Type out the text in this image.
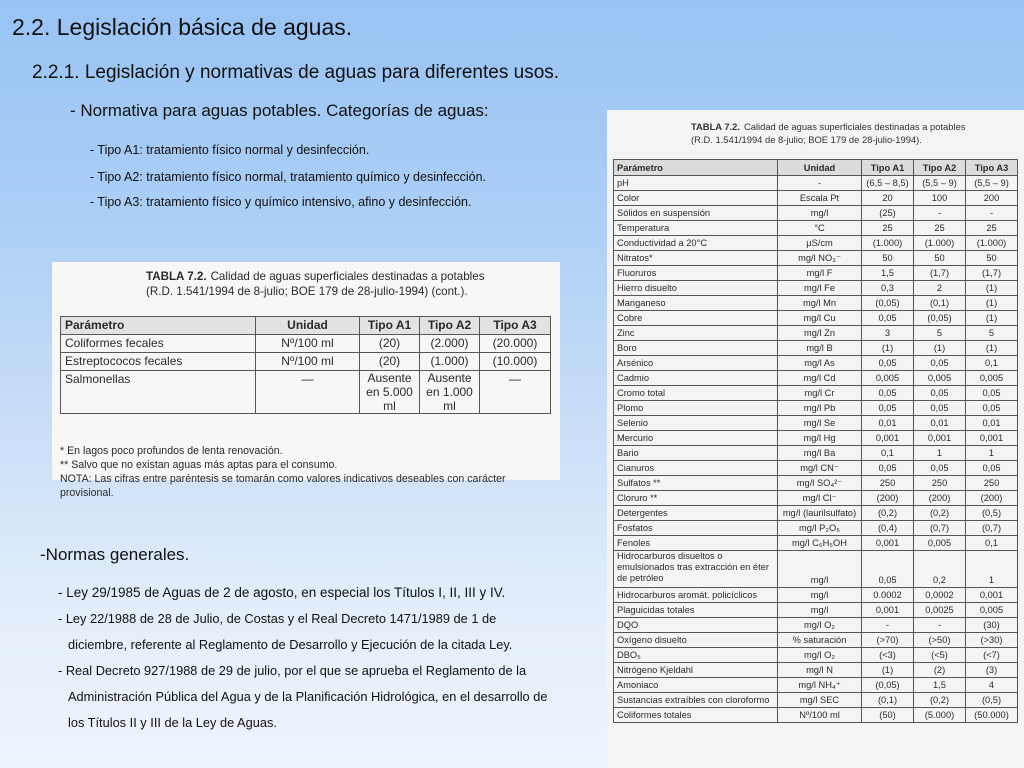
2.2. Legislación básica de aguas.
2.2.1. Legislación y normativas de aguas para diferentes usos.
- Normativa para aguas potables. Categorías de aguas:
- Tipo A1: tratamiento físico normal y desinfección.
- Tipo A2: tratamiento físico normal, tratamiento químico y desinfección.
- Tipo A3: tratamiento físico y químico intensivo, afino y desinfección.
-Normas generales.
- Ley 29/1985 de Aguas de 2 de agosto, en especial los Títulos I, II, III y IV.
- Ley 22/1988 de 28 de Julio, de Costas y el Real Decreto 1471/1989 de 1 de
diciembre, referente al Reglamento de Desarrollo y Ejecución de la citada Ley.
- Real Decreto 927/1988 de 29 de julio, por el que se aprueba el Reglamento de la
Administración Pública del Agua y de la Planificación Hidrológica, en el desarrollo de
los Títulos II y III de la Ley de Aguas.
TABLA 7.2. Calidad de aguas superficiales destinadas a potables
(R.D. 1.541/1994 de 8-julio; BOE 179 de 28-julio-1994) (cont.).
Parámetro	Unidad	Tipo A1	Tipo A2	Tipo A3
Coliformes fecales	Nº/100 ml	(20)	(2.000)	(20.000)
Estreptococos fecales	Nº/100 ml	(20)	(1.000)	(10.000)
Salmonellas	—	Ausente en 5.000 ml	Ausente en 1.000 ml	—
* En lagos poco profundos de lenta renovación.
** Salvo que no existan aguas más aptas para el consumo.
NOTA: Las cifras entre paréntesis se tomarán como valores indicativos deseables con carácter provisional.
TABLA 7.2. Calidad de aguas superficiales destinadas a potables
(R.D. 1.541/1994 de 8-julio; BOE 179 de 28-julio-1994).
Parámetro	Unidad	Tipo A1	Tipo A2	Tipo A3
pH	-	(6,5 – 8,5)	(5,5 – 9)	(5,5 – 9)
Color	Escala Pt	20	100	200
Sólidos en suspensión	mg/l	(25)	-	-
Temperatura	°C	25	25	25
Conductividad a 20°C	µS/cm	(1.000)	(1.000)	(1.000)
Nitratos*	mg/l NO₃⁻	50	50	50
Fluoruros	mg/l F	1,5	(1,7)	(1,7)
Hierro disuelto	mg/l Fe	0,3	2	(1)
Manganeso	mg/l Mn	(0,05)	(0,1)	(1)
Cobre	mg/l Cu	0,05	(0,05)	(1)
Zinc	mg/l Zn	3	5	5
Boro	mg/l B	(1)	(1)	(1)
Arsénico	mg/l As	0,05	0,05	0,1
Cadmio	mg/l Cd	0,005	0,005	0,005
Cromo total	mg/l Cr	0,05	0,05	0,05
Plomo	mg/l Pb	0,05	0,05	0,05
Selenio	mg/l Se	0,01	0,01	0,01
Mercurio	mg/l Hg	0,001	0,001	0,001
Bario	mg/l Ba	0,1	1	1
Cianuros	mg/l CN⁻	0,05	0,05	0,05
Sulfatos **	mg/l SO₄²⁻	250	250	250
Cloruro **	mg/l Cl⁻	(200)	(200)	(200)
Detergentes	mg/l (laurilsulfato)	(0,2)	(0,2)	(0,5)
Fosfatos	mg/l P₂O₅	(0,4)	(0,7)	(0,7)
Fenoles	mg/l C₆H₅OH	0,001	0,005	0,1
Hidrocarburos disueltos o emulsionados tras extracción en éter de petróleo	mg/l	0,05	0,2	1
Hidrocarburos aromát. policíclicos	mg/l	0.0002	0,0002	0,001
Plaguicidas totales	mg/l	0,001	0,0025	0,005
DQO	mg/l O₂	-	-	(30)
Oxígeno disuelto	% saturación	(>70)	(>50)	(>30)
DBO₅	mg/l O₂	(<3)	(<5)	(<7)
Nitrógeno Kjeldahl	mg/l N	(1)	(2)	(3)
Amoniaco	mg/l NH₄⁺	(0,05)	1,5	4
Sustancias extraíbles con cloroformo	mg/l SEC	(0,1)	(0,2)	(0,5)
Coliformes totales	Nº/100 ml	(50)	(5.000)	(50.000)
